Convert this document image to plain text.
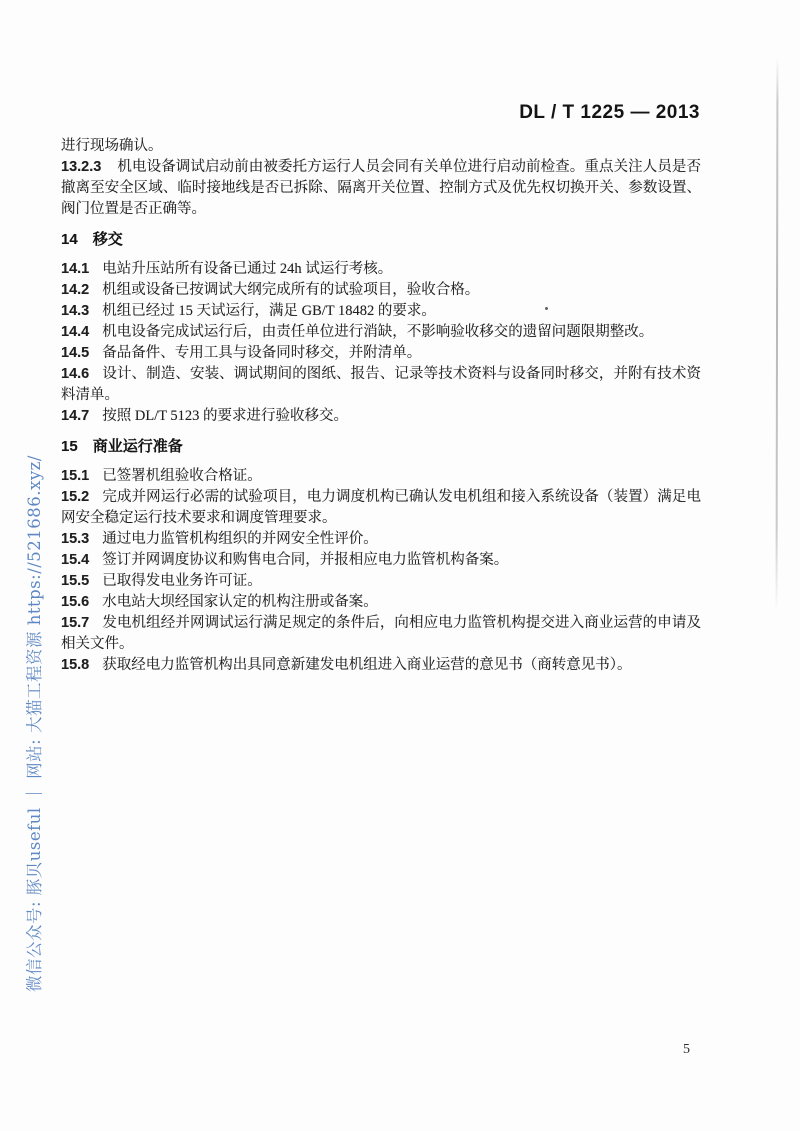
DL / T 1225 — 2013
微信公众号: 豚贝useful ｜ 网站: 大猫工程资源 https://521686.xyz/

进行现场确认。

13.2.3 机电设备调试启动前由被委托方运行人员会同有关单位进行启动前检查。重点关注人员是否撤离至安全区域、临时接地线是否已拆除、隔离开关位置、控制方式及优先权切换开关、参数设置、阀门位置是否正确等。

14 移交

14.1 电站升压站所有设备已通过 24h 试运行考核。

14.2 机组或设备已按调试大纲完成所有的试验项目，验收合格。

14.3 机组已经过 15 天试运行，满足 GB/T 18482 的要求。

14.4 机电设备完成试运行后，由责任单位进行消缺，不影响验收移交的遗留问题限期整改。

14.5 备品备件、专用工具与设备同时移交，并附清单。

14.6 设计、制造、安装、调试期间的图纸、报告、记录等技术资料与设备同时移交，并附有技术资料清单。

14.7 按照 DL/T 5123 的要求进行验收移交。

15 商业运行准备

15.1 已签署机组验收合格证。

15.2 完成并网运行必需的试验项目，电力调度机构已确认发电机组和接入系统设备（装置）满足电网安全稳定运行技术要求和调度管理要求。

15.3 通过电力监管机构组织的并网安全性评价。

15.4 签订并网调度协议和购售电合同，并报相应电力监管机构备案。

15.5 已取得发电业务许可证。

15.6 水电站大坝经国家认定的机构注册或备案。

15.7 发电机组经并网调试运行满足规定的条件后，向相应电力监管机构提交进入商业运营的申请及相关文件。

15.8 获取经电力监管机构出具同意新建发电机组进入商业运营的意见书（商转意见书）。

5
